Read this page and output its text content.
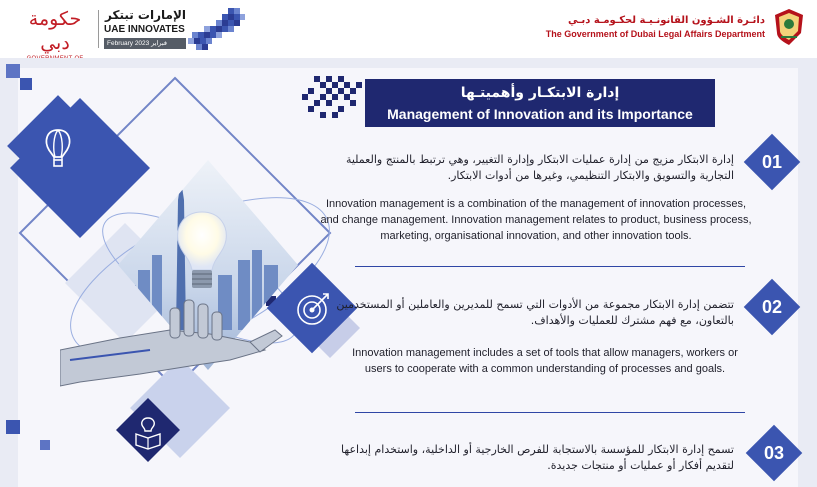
حكومة دبي
الإمارات تبتكر
UAE INNOVATES
February 2023 فبراير
دائـرة الشـؤون القانونـيـة لحكـومـة دبـي
The Government of Dubai Legal Affairs Department
إدارة الابتكـار وأهميتـها
Management of Innovation and its Importance
01
إدارة الابتكار مزيج من إدارة عمليات الابتكار وإدارة التغيير، وهي ترتبط بالمنتج والعملية التجارية والتسويق والابتكار التنظيمي، وغيرها من أدوات الابتكار.
Innovation management is a combination of the management of innovation processes, and change management. Innovation management relates to product, business process, marketing, organisational innovation, and other innovation tools.
02
تتضمن إدارة الابتكار مجموعة من الأدوات التي تسمح للمديرين والعاملين أو المستخدمين بالتعاون، مع فهم مشترك للعمليات والأهداف.
Innovation management includes a set of tools that allow managers, workers or users to cooperate with a common understanding of processes and goals.
03
تسمح إدارة الابتكار للمؤسسة بالاستجابة للفرص الخارجية أو الداخلية، واستخدام إبداعها لتقديم أفكار أو عمليات أو منتجات جديدة.
